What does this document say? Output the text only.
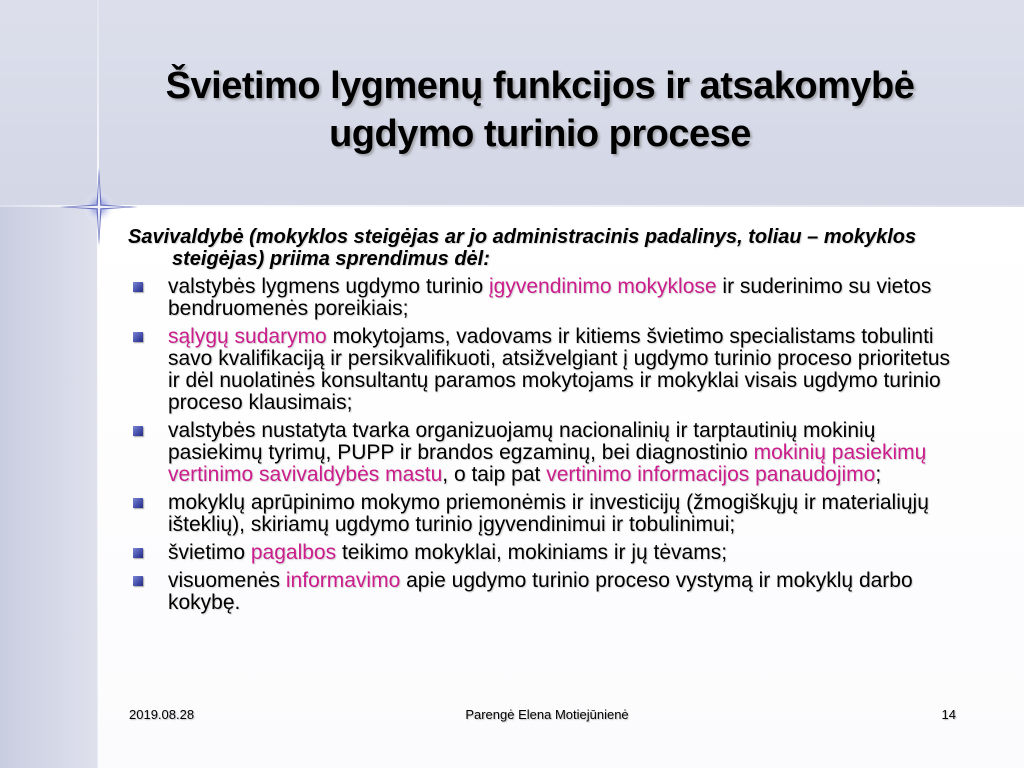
Švietimo lygmenų funkcijos ir atsakomybė
ugdymo turinio procese
Savivaldybė (mokyklos steigėjas ar jo administracinis padalinys, toliau – mokyklos steigėjas) priima sprendimus dėl:
valstybės lygmens ugdymo turinio įgyvendinimo mokyklose ir suderinimo su vietos bendruomenės poreikiais;
sąlygų sudarymo mokytojams, vadovams ir kitiems švietimo specialistams tobulinti savo kvalifikaciją ir persikvalifikuoti, atsižvelgiant į ugdymo turinio proceso prioritetus ir dėl nuolatinės konsultantų paramos mokytojams ir mokyklai visais ugdymo turinio proceso klausimais;
valstybės nustatyta tvarka organizuojamų nacionalinių ir tarptautinių mokinių pasiekimų tyrimų, PUPP ir brandos egzaminų, bei diagnostinio mokinių pasiekimų vertinimo savivaldybės mastu, o taip pat vertinimo informacijos panaudojimo;
mokyklų aprūpinimo mokymo priemonėmis ir investicijų (žmogiškųjų ir materialiųjų išteklių), skiriamų ugdymo turinio įgyvendinimui ir tobulinimui;
švietimo pagalbos teikimo mokyklai, mokiniams ir jų tėvams;
visuomenės informavimo apie ugdymo turinio proceso vystymą ir mokyklų darbo kokybę.
2019.08.28	Parengė Elena Motiejūnienė	14
